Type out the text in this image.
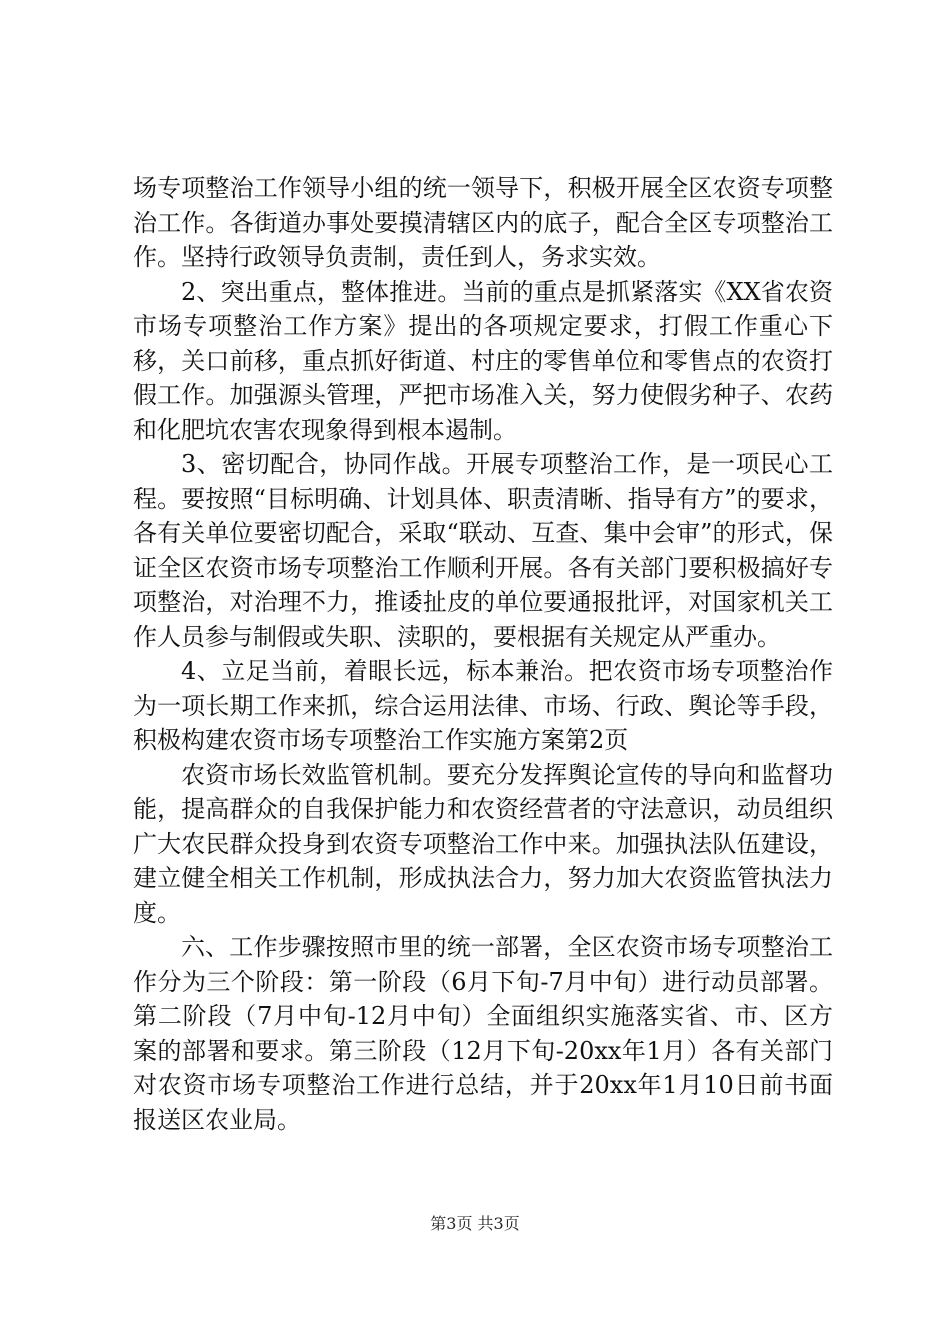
场专项整治工作领导小组的统一领导下，积极开展全区农资专项整治工作。各街道办事处要摸清辖区内的底子，配合全区专项整治工作。坚持行政领导负责制，责任到人，务求实效。

2、突出重点，整体推进。当前的重点是抓紧落实《XX省农资市场专项整治工作方案》提出的各项规定要求，打假工作重心下移，关口前移，重点抓好街道、村庄的零售单位和零售点的农资打假工作。加强源头管理，严把市场准入关，努力使假劣种子、农药和化肥坑农害农现象得到根本遏制。

3、密切配合，协同作战。开展专项整治工作，是一项民心工程。要按照“目标明确、计划具体、职责清晰、指导有方”的要求，各有关单位要密切配合，采取“联动、互查、集中会审”的形式，保证全区农资市场专项整治工作顺利开展。各有关部门要积极搞好专项整治，对治理不力，推诿扯皮的单位要通报批评，对国家机关工作人员参与制假或失职、渎职的，要根据有关规定从严重办。

4、立足当前，着眼长远，标本兼治。把农资市场专项整治作为一项长期工作来抓，综合运用法律、市场、行政、舆论等手段，积极构建农资市场专项整治工作实施方案第2页

农资市场长效监管机制。要充分发挥舆论宣传的导向和监督功能，提高群众的自我保护能力和农资经营者的守法意识，动员组织广大农民群众投身到农资专项整治工作中来。加强执法队伍建设，建立健全相关工作机制，形成执法合力，努力加大农资监管执法力度。

六、工作步骤按照市里的统一部署，全区农资市场专项整治工作分为三个阶段：第一阶段（6月下旬-7月中旬）进行动员部署。第二阶段（7月中旬-12月中旬）全面组织实施落实省、市、区方案的部署和要求。第三阶段（12月下旬-20xx年1月）各有关部门对农资市场专项整治工作进行总结，并于20xx年1月10日前书面报送区农业局。

第3页 共3页
